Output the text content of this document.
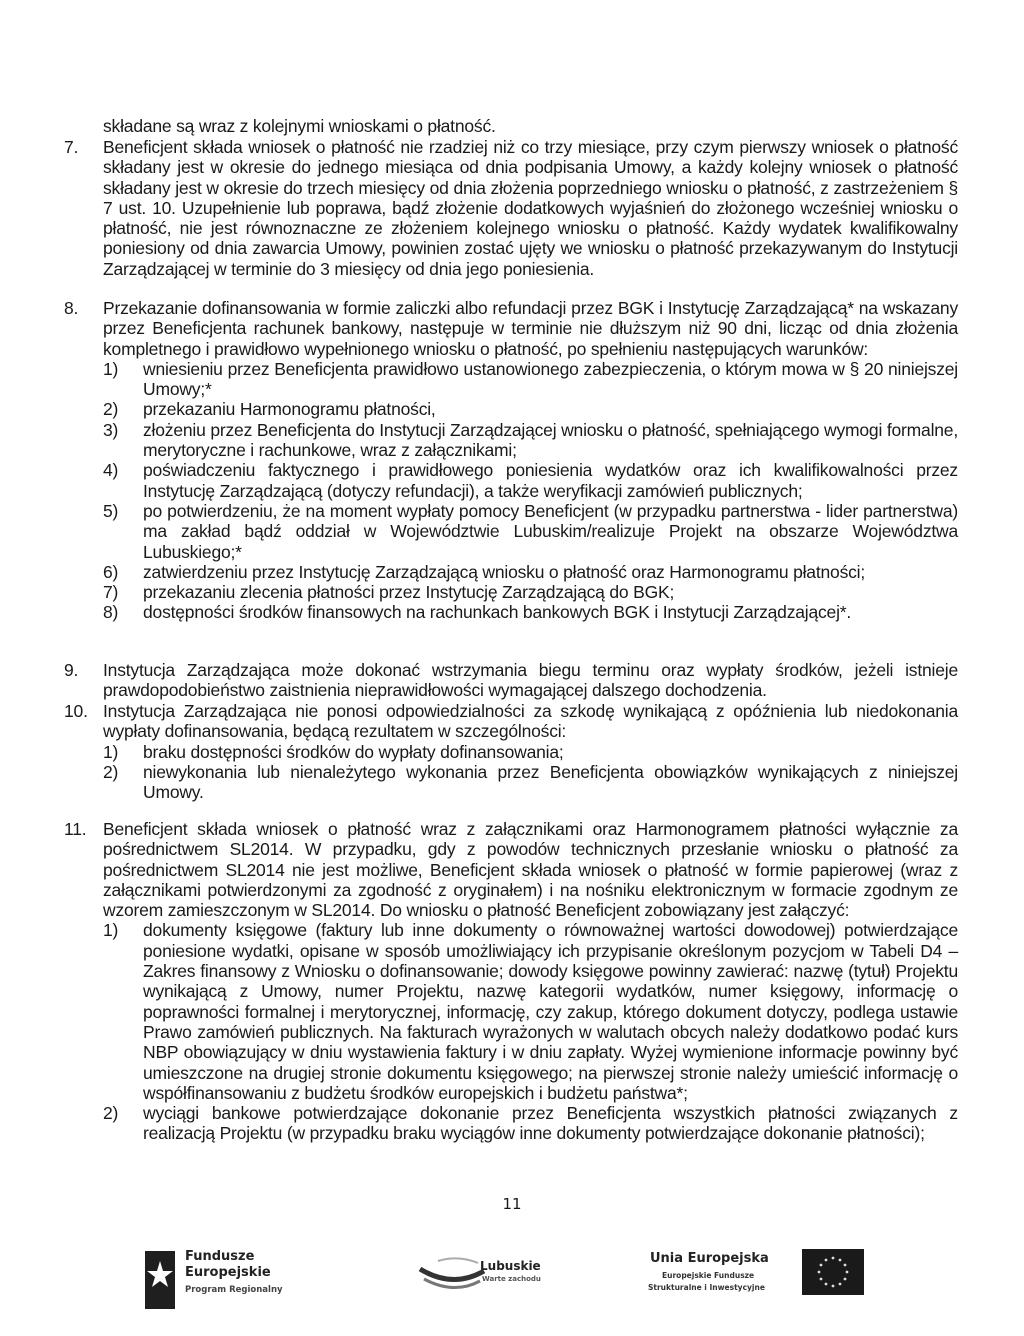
składane są wraz z kolejnymi wnioskami o płatność.
7.	Beneficjent składa wniosek o płatność nie rzadziej niż co trzy miesiące, przy czym pierwszy wniosek o płatność składany jest w okresie do jednego miesiąca od dnia podpisania Umowy, a każdy kolejny wniosek o płatność składany jest w okresie do trzech miesięcy od dnia złożenia poprzedniego wniosku o płatność, z zastrzeżeniem § 7 ust. 10. Uzupełnienie lub poprawa, bądź złożenie dodatkowych wyjaśnień do złożonego wcześniej wniosku o płatność, nie jest równoznaczne ze złożeniem kolejnego wniosku o płatność. Każdy wydatek kwalifikowalny poniesiony od dnia zawarcia Umowy, powinien zostać ujęty we wniosku o płatność przekazywanym do Instytucji Zarządzającej w terminie do 3 miesięcy od dnia jego poniesienia.
8.	Przekazanie dofinansowania w formie zaliczki albo refundacji przez BGK i Instytucję Zarządzającą* na wskazany przez Beneficjenta rachunek bankowy, następuje w terminie nie dłuższym niż 90 dni, licząc od dnia złożenia kompletnego i prawidłowo wypełnionego wniosku o płatność, po spełnieniu następujących warunków:
1)	wniesieniu przez Beneficjenta prawidłowo ustanowionego zabezpieczenia, o którym mowa w § 20 niniejszej Umowy;*
2)	przekazaniu Harmonogramu płatności,
3)	złożeniu przez Beneficjenta do Instytucji Zarządzającej wniosku o płatność, spełniającego wymogi formalne, merytoryczne i rachunkowe, wraz z załącznikami;
4)	poświadczeniu faktycznego i prawidłowego poniesienia wydatków oraz ich kwalifikowalności przez Instytucję Zarządzającą (dotyczy refundacji), a także weryfikacji zamówień publicznych;
5)	po potwierdzeniu, że na moment wypłaty pomocy Beneficjent (w przypadku partnerstwa - lider partnerstwa) ma zakład bądź oddział w Województwie Lubuskim/realizuje Projekt na obszarze Województwa Lubuskiego;*
6)	zatwierdzeniu przez Instytucję Zarządzającą wniosku o płatność oraz Harmonogramu płatności;
7)	przekazaniu zlecenia płatności przez Instytucję Zarządzającą do BGK;
8)	dostępności środków finansowych na rachunkach bankowych BGK i Instytucji Zarządzającej*.
9.	Instytucja Zarządzająca może dokonać wstrzymania biegu terminu oraz wypłaty środków, jeżeli istnieje prawdopodobieństwo zaistnienia nieprawidłowości wymagającej dalszego dochodzenia.
10. Instytucja Zarządzająca nie ponosi odpowiedzialności za szkodę wynikającą z opóźnienia lub niedokonania wypłaty dofinansowania, będącą rezultatem w szczególności:
1)	braku dostępności środków do wypłaty dofinansowania;
2)	niewykonania lub nienależytego wykonania przez Beneficjenta obowiązków wynikających z niniejszej Umowy.
11. Beneficjent składa wniosek o płatność wraz z załącznikami oraz Harmonogramem płatności wyłącznie za pośrednictwem SL2014. W przypadku, gdy z powodów technicznych przesłanie wniosku o płatność za pośrednictwem SL2014 nie jest możliwe, Beneficjent składa wniosek o płatność w formie papierowej (wraz z załącznikami potwierdzonymi za zgodność z oryginałem) i na nośniku elektronicznym w formacie zgodnym ze wzorem zamieszczonym w SL2014. Do wniosku o płatność Beneficjent zobowiązany jest załączyć:
1)	dokumenty księgowe (faktury lub inne dokumenty o równoważnej wartości dowodowej) potwierdzające poniesione wydatki, opisane w sposób umożliwiający ich przypisanie określonym pozycjom w Tabeli D4 – Zakres finansowy z Wniosku o dofinansowanie; dowody księgowe powinny zawierać: nazwę (tytuł) Projektu wynikającą z Umowy, numer Projektu, nazwę kategorii wydatków, numer księgowy, informację o poprawności formalnej i merytorycznej, informację, czy zakup, którego dokument dotyczy, podlega ustawie Prawo zamówień publicznych. Na fakturach wyrażonych w walutach obcych należy dodatkowo podać kurs NBP obowiązujący w dniu wystawienia faktury i w dniu zapłaty. Wyżej wymienione informacje powinny być umieszczone na drugiej stronie dokumentu księgowego; na pierwszej stronie należy umieścić informację o współfinansowaniu z budżetu środków europejskich i budżetu państwa*;
2)	wyciągi bankowe potwierdzające dokonanie przez Beneficjenta wszystkich płatności związanych z realizacją Projektu (w przypadku braku wyciągów inne dokumenty potwierdzające dokonanie płatności);
11
Fundusze
Europejskie
Program Regionalny
Lubuskie
Warte zachodu
Unia Europejska
Europejskie Fundusze
Strukturalne i Inwestycyjne
